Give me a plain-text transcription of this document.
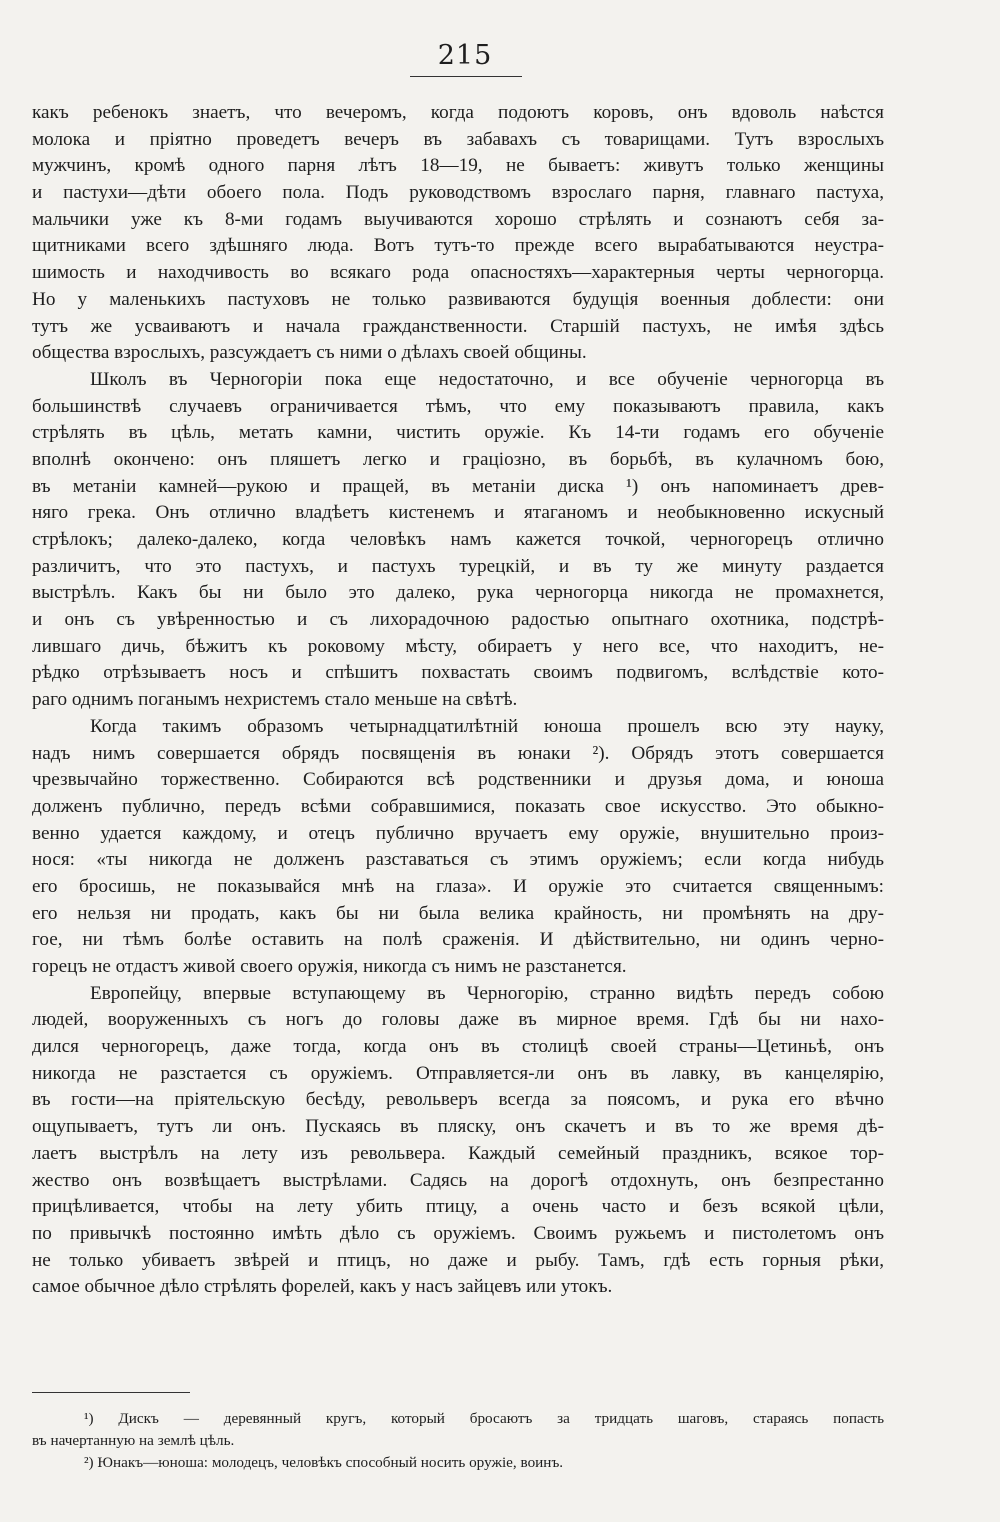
215
какъ ребенокъ знаетъ, что вечеромъ, когда подоютъ коровъ, онъ вдоволь наѣстся
молока и пріятно проведетъ вечеръ въ забавахъ съ товарищами. Тутъ взрослыхъ
мужчинъ, кромѣ одного парня лѣтъ 18—19, не бываетъ: живутъ только женщины
и пастухи—дѣти обоего пола. Подъ руководствомъ взрослаго парня, главнаго пастуха,
мальчики уже къ 8-ми годамъ выучиваются хорошо стрѣлять и сознаютъ себя за-
щитниками всего здѣшняго люда. Вотъ тутъ-то прежде всего вырабатываются неустра-
шимость и находчивость во всякаго рода опасностяхъ—характерныя черты черногорца.
Но у маленькихъ пастуховъ не только развиваются будущія военныя доблести: они
тутъ же усваиваютъ и начала гражданственности. Старшій пастухъ, не имѣя здѣсь
общества взрослыхъ, разсуждаетъ съ ними о дѣлахъ своей общины.
Школъ въ Черногоріи пока еще недостаточно, и все обученіе черногорца въ
большинствѣ случаевъ ограничивается тѣмъ, что ему показываютъ правила, какъ
стрѣлять въ цѣль, метать камни, чистить оружіе. Къ 14-ти годамъ его обученіе
вполнѣ окончено: онъ пляшетъ легко и граціозно, въ борьбѣ, въ кулачномъ бою,
въ метаніи камней—рукою и пращей, въ метаніи диска ¹) онъ напоминаетъ древ-
няго грека. Онъ отлично владѣетъ кистенемъ и ятаганомъ и необыкновенно искусный
стрѣлокъ; далеко-далеко, когда человѣкъ намъ кажется точкой, черногорецъ отлично
различитъ, что это пастухъ, и пастухъ турецкій, и въ ту же минуту раздается
выстрѣлъ. Какъ бы ни было это далеко, рука черногорца никогда не промахнется,
и онъ съ увѣренностью и съ лихорадочною радостью опытнаго охотника, подстрѣ-
лившаго дичь, бѣжитъ къ роковому мѣсту, обираетъ у него все, что находитъ, не-
рѣдко отрѣзываетъ носъ и спѣшитъ похвастать своимъ подвигомъ, вслѣдствіе кото-
раго однимъ поганымъ нехристемъ стало меньше на свѣтѣ.
Когда такимъ образомъ четырнадцатилѣтній юноша прошелъ всю эту науку,
надъ нимъ совершается обрядъ посвященія въ юнаки ²). Обрядъ этотъ совершается
чрезвычайно торжественно. Собираются всѣ родственники и друзья дома, и юноша
долженъ публично, передъ всѣми собравшимися, показать свое искусство. Это обыкно-
венно удается каждому, и отецъ публично вручаетъ ему оружіе, внушительно произ-
нося: «ты никогда не долженъ разставаться съ этимъ оружіемъ; если когда нибудь
его бросишь, не показывайся мнѣ на глаза». И оружіе это считается священнымъ:
его нельзя ни продать, какъ бы ни была велика крайность, ни промѣнять на дру-
гое, ни тѣмъ болѣе оставить на полѣ сраженія. И дѣйствительно, ни одинъ черно-
горецъ не отдастъ живой своего оружія, никогда съ нимъ не разстанется.
Европейцу, впервые вступающему въ Черногорію, странно видѣть передъ собою
людей, вооруженныхъ съ ногъ до головы даже въ мирное время. Гдѣ бы ни нахо-
дился черногорецъ, даже тогда, когда онъ въ столицѣ своей страны—Цетиньѣ, онъ
никогда не разстается съ оружіемъ. Отправляется-ли онъ въ лавку, въ канцелярію,
въ гости—на пріятельскую бесѣду, револьверъ всегда за поясомъ, и рука его вѣчно
ощупываетъ, тутъ ли онъ. Пускаясь въ пляску, онъ скачетъ и въ то же время дѣ-
лаетъ выстрѣлъ на лету изъ револьвера. Каждый семейный праздникъ, всякое тор-
жество онъ возвѣщаетъ выстрѣлами. Садясь на дорогѣ отдохнуть, онъ безпрестанно
прицѣливается, чтобы на лету убить птицу, а очень часто и безъ всякой цѣли,
по привычкѣ постоянно имѣть дѣло съ оружіемъ. Своимъ ружьемъ и пистолетомъ онъ
не только убиваетъ звѣрей и птицъ, но даже и рыбу. Тамъ, гдѣ есть горныя рѣки,
самое обычное дѣло стрѣлять форелей, какъ у насъ зайцевъ или утокъ.
¹) Дискъ — деревянный кругъ, который бросаютъ за тридцать шаговъ, стараясь попасть
въ начертанную на землѣ цѣль.
²) Юнакъ—юноша: молодецъ, человѣкъ способный носить оружіе, воинъ.
